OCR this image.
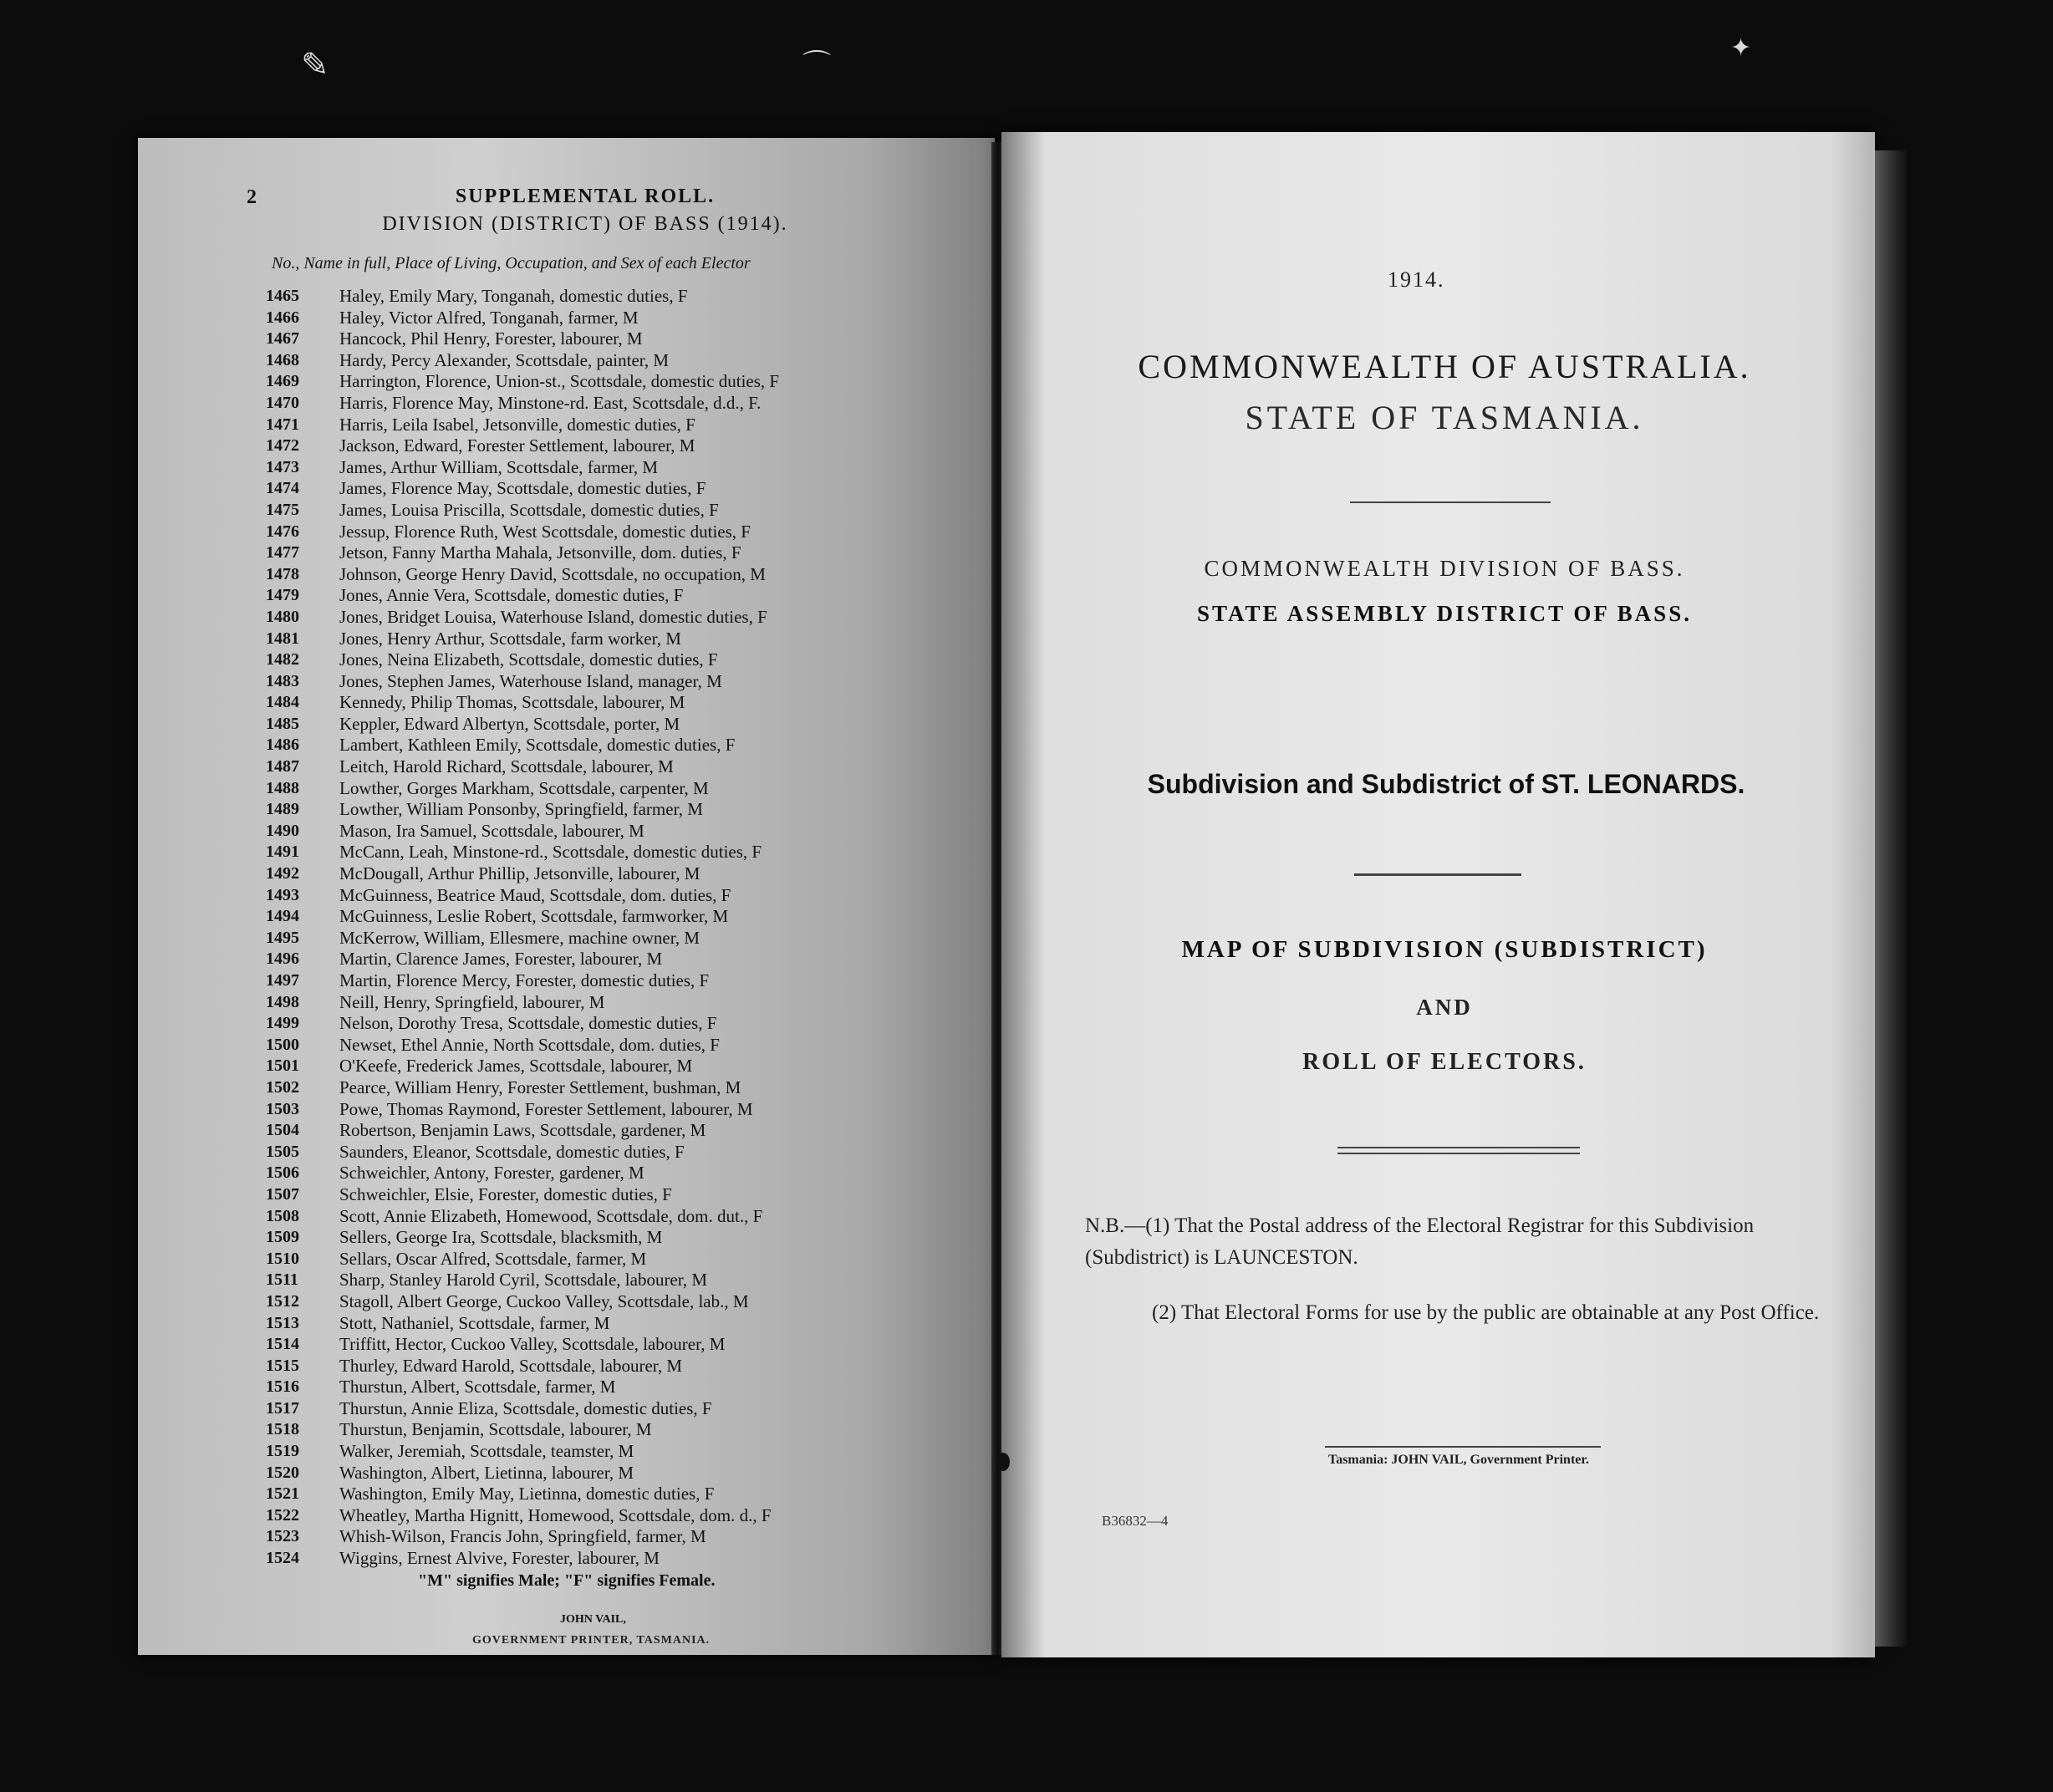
✎	⌒
✦
2	SUPPLEMENTAL ROLL.
DIVISION (DISTRICT) OF BASS (1914).
No., Name in full, Place of Living, Occupation, and Sex of each Elector
1465	Haley, Emily Mary, Tonganah, domestic duties, F
1466	Haley, Victor Alfred, Tonganah, farmer, M
1467	Hancock, Phil Henry, Forester, labourer, M
1468	Hardy, Percy Alexander, Scottsdale, painter, M
1469	Harrington, Florence, Union-st., Scottsdale, domestic duties, F
1470	Harris, Florence May, Minstone-rd. East, Scottsdale, d.d., F.
1471	Harris, Leila Isabel, Jetsonville, domestic duties, F
1472	Jackson, Edward, Forester Settlement, labourer, M
1473	James, Arthur William, Scottsdale, farmer, M
1474	James, Florence May, Scottsdale, domestic duties, F
1475	James, Louisa Priscilla, Scottsdale, domestic duties, F
1476	Jessup, Florence Ruth, West Scottsdale, domestic duties, F
1477	Jetson, Fanny Martha Mahala, Jetsonville, dom. duties, F
1478	Johnson, George Henry David, Scottsdale, no occupation, M
1479	Jones, Annie Vera, Scottsdale, domestic duties, F
1480	Jones, Bridget Louisa, Waterhouse Island, domestic duties, F
1481	Jones, Henry Arthur, Scottsdale, farm worker, M
1482	Jones, Neina Elizabeth, Scottsdale, domestic duties, F
1483	Jones, Stephen James, Waterhouse Island, manager, M
1484	Kennedy, Philip Thomas, Scottsdale, labourer, M
1485	Keppler, Edward Albertyn, Scottsdale, porter, M
1486	Lambert, Kathleen Emily, Scottsdale, domestic duties, F
1487	Leitch, Harold Richard, Scottsdale, labourer, M
1488	Lowther, Gorges Markham, Scottsdale, carpenter, M
1489	Lowther, William Ponsonby, Springfield, farmer, M
1490	Mason, Ira Samuel, Scottsdale, labourer, M
1491	McCann, Leah, Minstone-rd., Scottsdale, domestic duties, F
1492	McDougall, Arthur Phillip, Jetsonville, labourer, M
1493	McGuinness, Beatrice Maud, Scottsdale, dom. duties, F
1494	McGuinness, Leslie Robert, Scottsdale, farmworker, M
1495	McKerrow, William, Ellesmere, machine owner, M
1496	Martin, Clarence James, Forester, labourer, M
1497	Martin, Florence Mercy, Forester, domestic duties, F
1498	Neill, Henry, Springfield, labourer, M
1499	Nelson, Dorothy Tresa, Scottsdale, domestic duties, F
1500	Newset, Ethel Annie, North Scottsdale, dom. duties, F
1501	O'Keefe, Frederick James, Scottsdale, labourer, M
1502	Pearce, William Henry, Forester Settlement, bushman, M
1503	Powe, Thomas Raymond, Forester Settlement, labourer, M
1504	Robertson, Benjamin Laws, Scottsdale, gardener, M
1505	Saunders, Eleanor, Scottsdale, domestic duties, F
1506	Schweichler, Antony, Forester, gardener, M
1507	Schweichler, Elsie, Forester, domestic duties, F
1508	Scott, Annie Elizabeth, Homewood, Scottsdale, dom. dut., F
1509	Sellers, George Ira, Scottsdale, blacksmith, M
1510	Sellars, Oscar Alfred, Scottsdale, farmer, M
1511	Sharp, Stanley Harold Cyril, Scottsdale, labourer, M
1512	Stagoll, Albert George, Cuckoo Valley, Scottsdale, lab., M
1513	Stott, Nathaniel, Scottsdale, farmer, M
1514	Triffitt, Hector, Cuckoo Valley, Scottsdale, labourer, M
1515	Thurley, Edward Harold, Scottsdale, labourer, M
1516	Thurstun, Albert, Scottsdale, farmer, M
1517	Thurstun, Annie Eliza, Scottsdale, domestic duties, F
1518	Thurstun, Benjamin, Scottsdale, labourer, M
1519	Walker, Jeremiah, Scottsdale, teamster, M
1520	Washington, Albert, Lietinna, labourer, M
1521	Washington, Emily May, Lietinna, domestic duties, F
1522	Wheatley, Martha Hignitt, Homewood, Scottsdale, dom. d., F
1523	Whish-Wilson, Francis John, Springfield, farmer, M
1524	Wiggins, Ernest Alvive, Forester, labourer, M
"M" signifies Male; "F" signifies Female.
JOHN VAIL,
GOVERNMENT PRINTER, TASMANIA.
1914.
COMMONWEALTH OF AUSTRALIA.
STATE OF TASMANIA.
COMMONWEALTH DIVISION OF BASS.
STATE ASSEMBLY DISTRICT OF BASS.
Subdivision and Subdistrict of ST. LEONARDS.
MAP OF SUBDIVISION (SUBDISTRICT)
AND
ROLL OF ELECTORS.
N.B.—(1) That the Postal address of the Electoral Registrar for this Subdivision (Subdistrict) is LAUNCESTON.
(2) That Electoral Forms for use by the public are obtainable at any Post Office.
Tasmania: JOHN VAIL, Government Printer.
B36832—4
